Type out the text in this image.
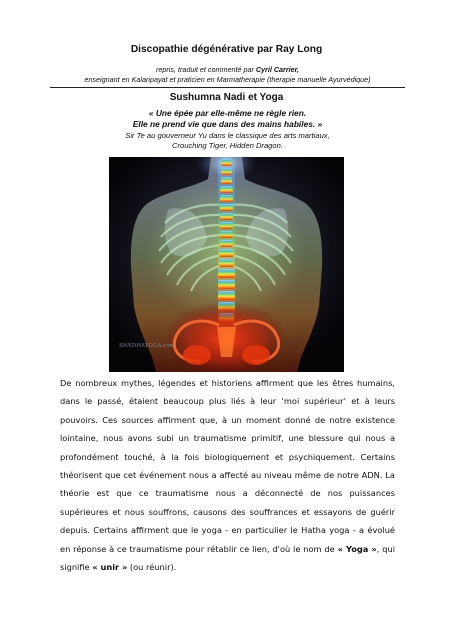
Discopathie dégénérative par Ray Long
repris, traduit et commenté par Cyril Carrier,
enseignant en Kalaripayat et praticien en Marmatherapie (therapie manuelle Ayurvédique)
Sushumna Nadi et Yoga
« Une épée par elle-même ne règle rien.
Elle ne prend vie que dans des mains habiles. »
Sir Te au gouverneur Yu dans le classique des arts martiaux,
Crouching Tiger, Hidden Dragon.
BANDHAYOGA.com
De nombreux mythes, légendes et historiens affirment que les êtres humains, dans le passé, étaient beaucoup plus liés à leur ‘moi supérieur’ et à leurs pouvoirs. Ces sources affirment que, à un moment donné de notre existence lointaine, nous avons subi un traumatisme primitif, une blessure qui nous a profondément touché, à la fois biologiquement et psychiquement. Certains théorisent que cet événement nous a affecté au niveau même de notre ADN. La théorie est que ce traumatisme nous a déconnecté de nos puissances supérieures et nous souffrons, causons des souffrances et essayons de guérir depuis. Certains affirment que le yoga - en particulier le Hatha yoga - a évolué en réponse à ce traumatisme pour rétablir ce lien, d'où le nom de « Yoga », qui signifie « unir » (ou réunir).
